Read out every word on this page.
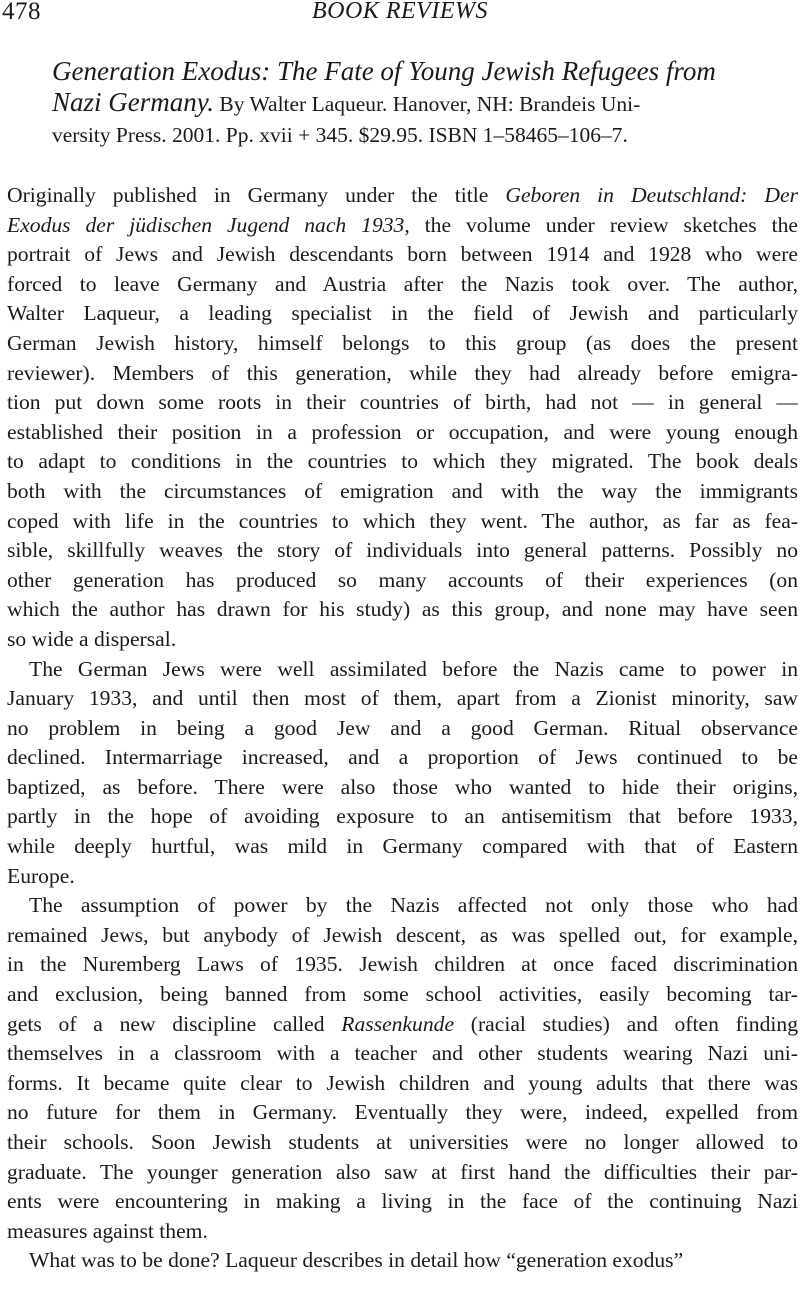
478	BOOK REVIEWS
Generation Exodus: The Fate of Young Jewish Refugees from
Nazi Germany. By Walter Laqueur. Hanover, NH: Brandeis Uni-
versity Press. 2001. Pp. xvii + 345. $29.95. ISBN 1–58465–106–7.
Originally published in Germany under the title Geboren in Deutschland: Der
Exodus der jüdischen Jugend nach 1933, the volume under review sketches the
portrait of Jews and Jewish descendants born between 1914 and 1928 who were
forced to leave Germany and Austria after the Nazis took over. The author,
Walter Laqueur, a leading specialist in the field of Jewish and particularly
German Jewish history, himself belongs to this group (as does the present
reviewer). Members of this generation, while they had already before emigra-
tion put down some roots in their countries of birth, had not — in general —
established their position in a profession or occupation, and were young enough
to adapt to conditions in the countries to which they migrated. The book deals
both with the circumstances of emigration and with the way the immigrants
coped with life in the countries to which they went. The author, as far as fea-
sible, skillfully weaves the story of individuals into general patterns. Possibly no
other generation has produced so many accounts of their experiences (on
which the author has drawn for his study) as this group, and none may have seen
so wide a dispersal.
The German Jews were well assimilated before the Nazis came to power in
January 1933, and until then most of them, apart from a Zionist minority, saw
no problem in being a good Jew and a good German. Ritual observance
declined. Intermarriage increased, and a proportion of Jews continued to be
baptized, as before. There were also those who wanted to hide their origins,
partly in the hope of avoiding exposure to an antisemitism that before 1933,
while deeply hurtful, was mild in Germany compared with that of Eastern
Europe.
The assumption of power by the Nazis affected not only those who had
remained Jews, but anybody of Jewish descent, as was spelled out, for example,
in the Nuremberg Laws of 1935. Jewish children at once faced discrimination
and exclusion, being banned from some school activities, easily becoming tar-
gets of a new discipline called Rassenkunde (racial studies) and often finding
themselves in a classroom with a teacher and other students wearing Nazi uni-
forms. It became quite clear to Jewish children and young adults that there was
no future for them in Germany. Eventually they were, indeed, expelled from
their schools. Soon Jewish students at universities were no longer allowed to
graduate. The younger generation also saw at first hand the difficulties their par-
ents were encountering in making a living in the face of the continuing Nazi
measures against them.
What was to be done? Laqueur describes in detail how “generation exodus”
